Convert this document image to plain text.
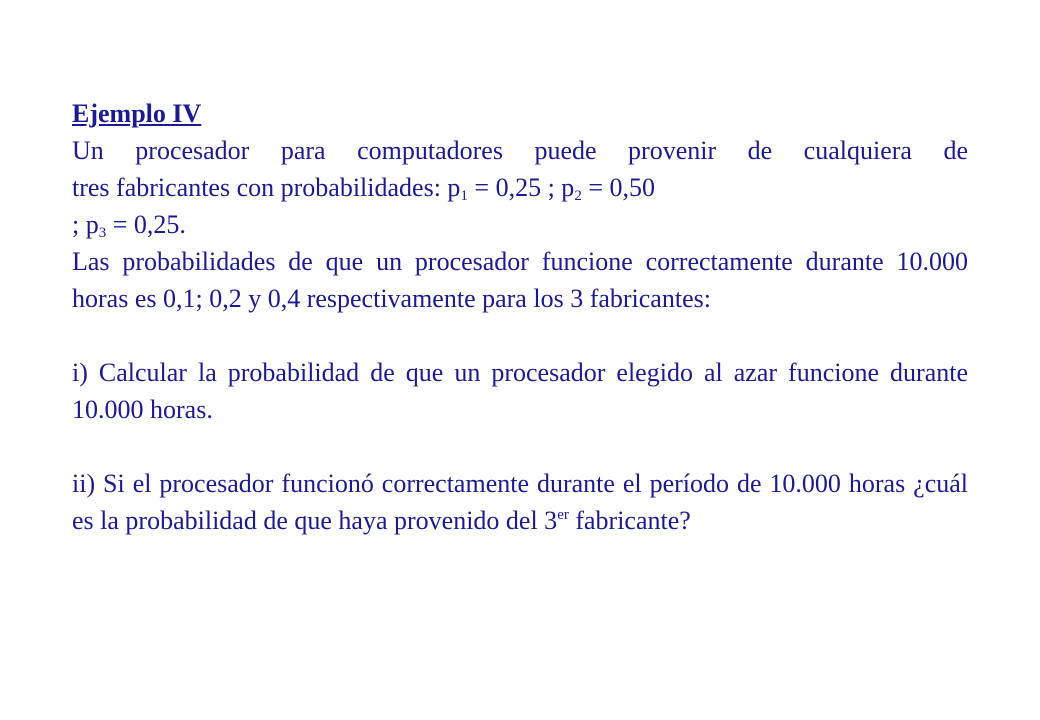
Ejemplo IV

Un procesador para computadores puede provenir de cualquiera de

tres fabricantes con probabilidades: $p_1 = 0,25$ ; $p_2 = 0,50$

; $p_3 = 0,25$.

Las probabilidades de que un procesador funcione correctamente durante 10.000 horas es 0,1; 0,2 y 0,4 respectivamente para los 3 fabricantes:

i) Calcular la probabilidad de que un procesador elegido al azar funcione durante 10.000 horas.

ii) Si el procesador funcionó correctamente durante el período de 10.000 horas ¿cuál es la probabilidad de que haya provenido del 3er fabricante?
